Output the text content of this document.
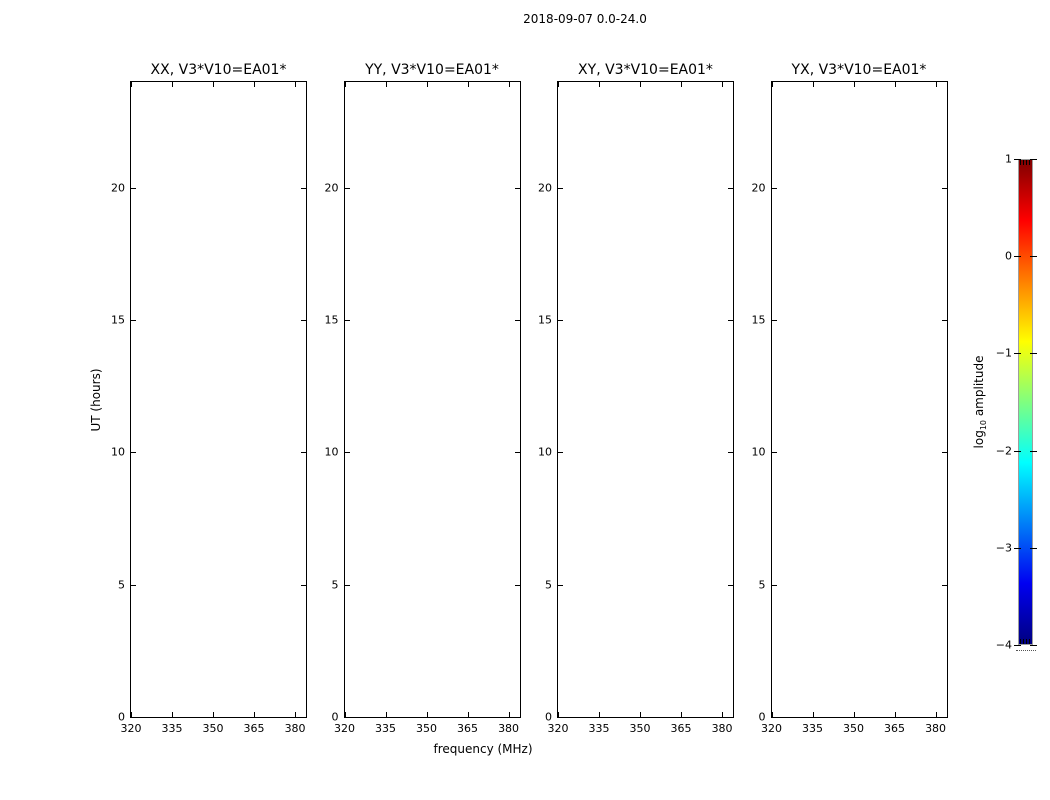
2018-09-07 0.0-24.0
XX, V3*V10=EA01*
320 335 350 365 380
0
5
10
15
20
YY, V3*V10=EA01*
320 335 350 365 380
0
5
10
15
20
XY, V3*V10=EA01*
320 335 350 365 380
0
5
10
15
20
YX, V3*V10=EA01*
320 335 350 365 380
0
5
10
15
20
frequency (MHz)
UT (hours)
1
0
−1
−2
−3
−4
$\log_{10}$ amplitude
